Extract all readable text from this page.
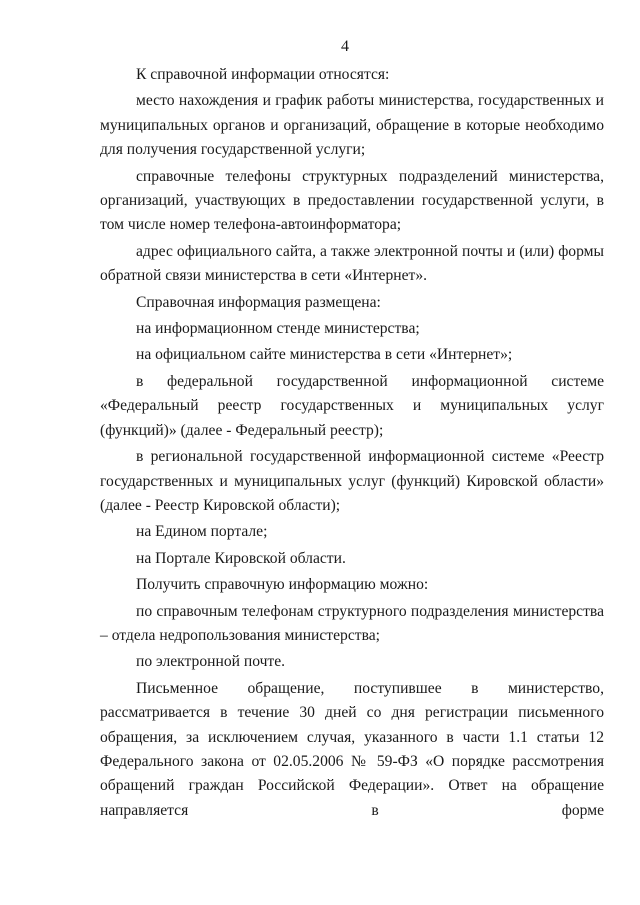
4

К справочной информации относятся:

место нахождения и график работы министерства, государственных и муниципальных органов и организаций, обращение в которые необходимо для получения государственной услуги;

справочные телефоны структурных подразделений министерства, организаций, участвующих в предоставлении государственной услуги, в том числе номер телефона-автоинформатора;

адрес официального сайта, а также электронной почты и (или) формы обратной связи министерства в сети «Интернет».

Справочная информация размещена:

на информационном стенде министерства;

на официальном сайте министерства в сети «Интернет»;

в федеральной государственной информационной системе «Федеральный реестр государственных и муниципальных услуг (функций)» (далее - Федеральный реестр);

в региональной государственной информационной системе «Реестр государственных и муниципальных услуг (функций) Кировской области» (далее - Реестр Кировской области);

на Едином портале;

на Портале Кировской области.

Получить справочную информацию можно:

по справочным телефонам структурного подразделения министерства – отдела недропользования министерства;

по электронной почте.

Письменное обращение, поступившее в министерство, рассматривается в течение 30 дней со дня регистрации письменного обращения, за исключением случая, указанного в части 1.1 статьи 12 Федерального закона от 02.05.2006 № 59-ФЗ «О порядке рассмотрения обращений граждан Российской Федерации». Ответ на обращение направляется в форме
